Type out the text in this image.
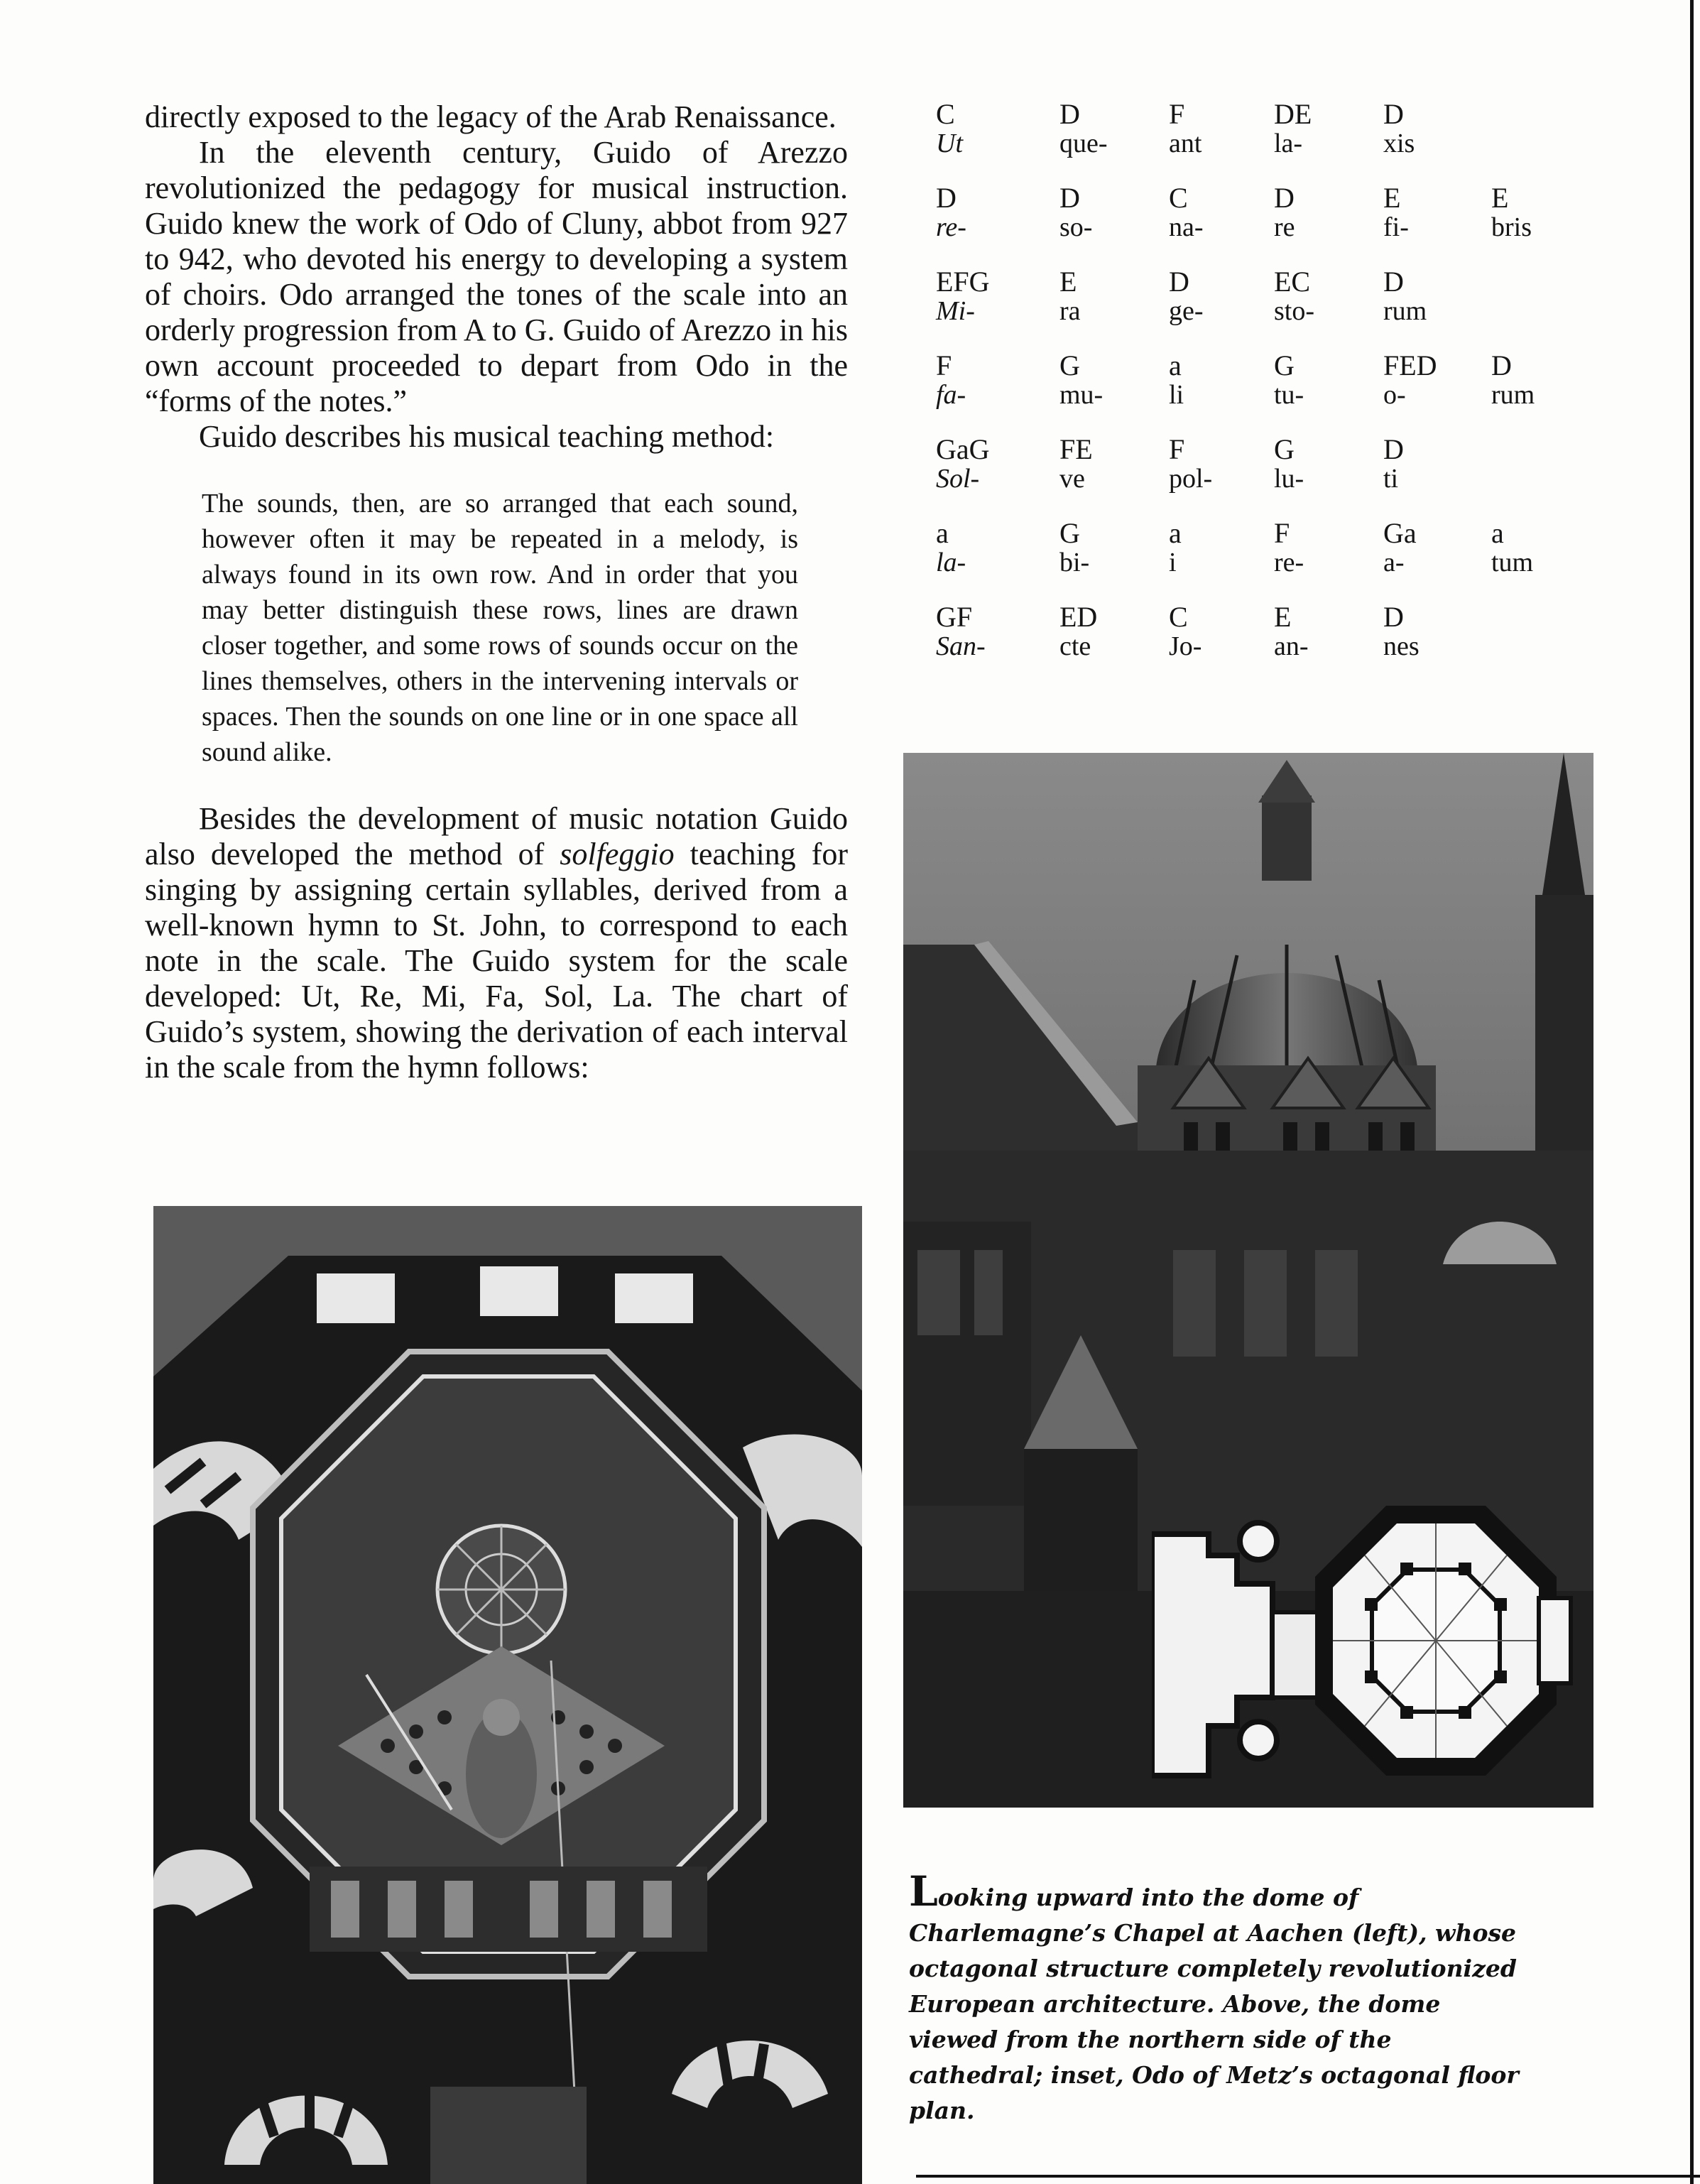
directly exposed to the legacy of the Arab Renaissance.

In the eleventh century, Guido of Arezzo revolutionized the pedagogy for musical instruction. Guido knew the work of Odo of Cluny, abbot from 927 to 942, who devoted his energy to developing a system of choirs. Odo arranged the tones of the scale into an orderly progression from A to G. Guido of Arezzo in his own account proceeded to depart from Odo in the “forms of the notes.”

Guido describes his musical teaching method:

The sounds, then, are so arranged that each sound, however often it may be repeated in a melody, is always found in its own row. And in order that you may better distinguish these rows, lines are drawn closer together, and some rows of sounds occur on the lines themselves, others in the intervening intervals or spaces. Then the sounds on one line or in one space all sound alike.

Besides the development of music notation Guido also developed the method of solfeggio teaching for singing by assigning certain syllables, derived from a well-known hymn to St. John, to correspond to each note in the scale. The Guido system for the scale developed: Ut, Re, Mi, Fa, Sol, La. The chart of Guido’s system, showing the derivation of each interval in the scale from the hymn follows:

C
Ut
D
que-
F
ant
DE
la-
D
xis
D
re-
D
so-
C
na-
D
re
E
fi-
E
bris
EFG
Mi-
E
ra
D
ge-
EC
sto-
D
rum
F
fa-
G
mu-
a
li
G
tu-
FED
o-
D
rum
GaG
Sol-
FE
ve
F
pol-
G
lu-
D
ti
a
la-
G
bi-
a
i
F
re-
Ga
a-
a
tum
GF
San-
ED
cte
C
Jo-
E
an-
D
nes
Looking upward into the dome of Charlemagne’s Chapel at Aachen (left), whose octagonal structure completely revolutionized European architecture. Above, the dome viewed from the northern side of the cathedral; inset, Odo of Metz’s octagonal floor plan.
